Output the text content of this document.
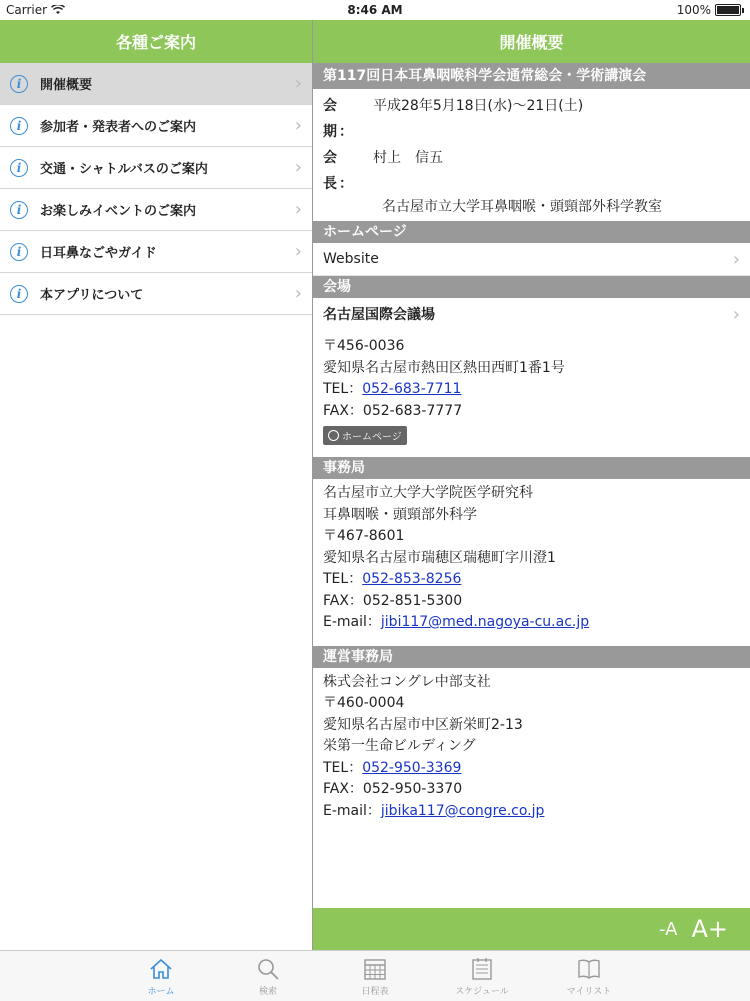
Carrier	8:46 AM	100%
各種ご案内
i	開催概要	›
i	参加者・発表者へのご案内	›
i	交通・シャトルバスのご案内	›
i	お楽しみイベントのご案内	›
i	日耳鼻なごやガイド	›
i	本アプリについて	›
開催概要
第117回日本耳鼻咽喉科学会通常総会・学術講演会
会　期：
平成28年5月18日(水)〜21日(土)
会　長：
村上　信五
名古屋市立大学耳鼻咽喉・頭頸部外科学教室
ホームページ
Website	›
会場
名古屋国際会議場	›
〒456-0036
愛知県名古屋市熱田区熱田西町1番1号
TEL：052-683-7711
FAX：052-683-7777
ホームページ
事務局
名古屋市立大学大学院医学研究科
耳鼻咽喉・頭頸部外科学
〒467-8601
愛知県名古屋市瑞穂区瑞穂町字川澄1
TEL：052-853-8256
FAX：052-851-5300
E-mail：jibi117@med.nagoya-cu.ac.jp
運営事務局
株式会社コングレ中部支社
〒460-0004
愛知県名古屋市中区新栄町2-13
栄第一生命ビルディング
TEL：052-950-3369
FAX：052-950-3370
E-mail：jibika117@congre.co.jp
-A A+
ホーム	検索	日程表	スケジュール	マイリスト
